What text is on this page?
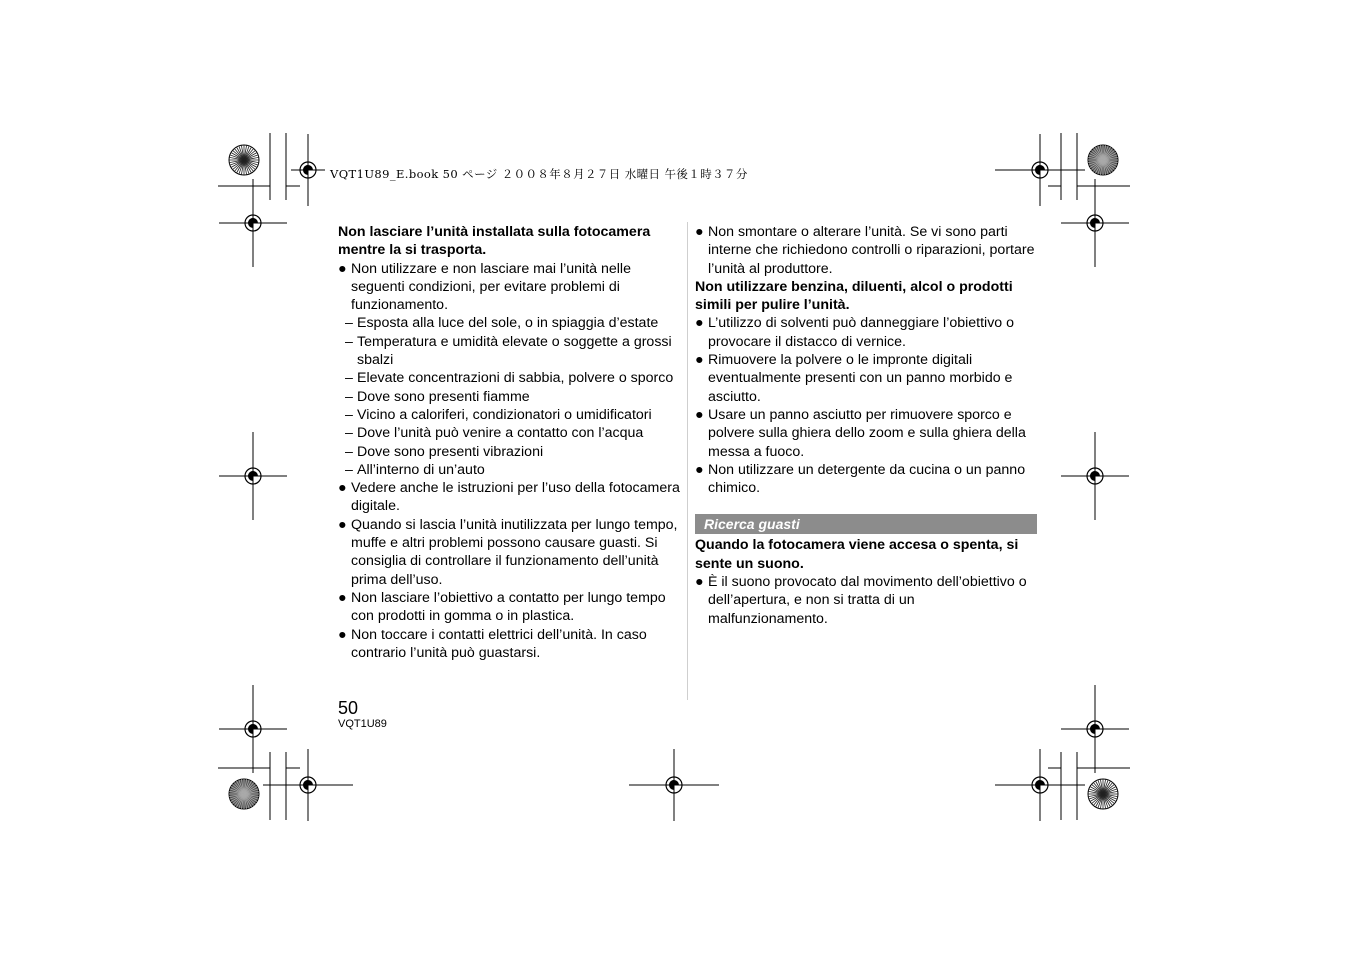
VQT1U89_E.book 50 ページ ２００８年８月２７日 水曜日 午後１時３７分
Non lasciare l’unità installata sulla fotocamera mentre la si trasporta.
● Non utilizzare e non lasciare mai l’unità nelle seguenti condizioni, per evitare problemi di funzionamento.
– Esposta alla luce del sole, o in spiaggia d’estate
– Temperatura e umidità elevate o soggette a grossi sbalzi
– Elevate concentrazioni di sabbia, polvere o sporco
– Dove sono presenti fiamme
– Vicino a caloriferi, condizionatori o umidificatori
– Dove l’unità può venire a contatto con l’acqua
– Dove sono presenti vibrazioni
– All’interno di un’auto
● Vedere anche le istruzioni per l’uso della fotocamera digitale.
● Quando si lascia l’unità inutilizzata per lungo tempo, muffe e altri problemi possono causare guasti. Si consiglia di controllare il funzionamento dell’unità prima dell’uso.
● Non lasciare l’obiettivo a contatto per lungo tempo con prodotti in gomma o in plastica.
● Non toccare i contatti elettrici dell’unità. In caso contrario l’unità può guastarsi.
● Non smontare o alterare l’unità. Se vi sono parti interne che richiedono controlli o riparazioni, portare l’unità al produttore.
Non utilizzare benzina, diluenti, alcol o prodotti simili per pulire l’unità.
● L’utilizzo di solventi può danneggiare l’obiettivo o provocare il distacco di vernice.
● Rimuovere la polvere o le impronte digitali eventualmente presenti con un panno morbido e asciutto.
● Usare un panno asciutto per rimuovere sporco e polvere sulla ghiera dello zoom e sulla ghiera della messa a fuoco.
● Non utilizzare un detergente da cucina o un panno chimico.
Ricerca guasti
Quando la fotocamera viene accesa o spenta, si sente un suono.
● È il suono provocato dal movimento dell’obiettivo o dell’apertura, e non si tratta di un malfunzionamento.
50
VQT1U89
